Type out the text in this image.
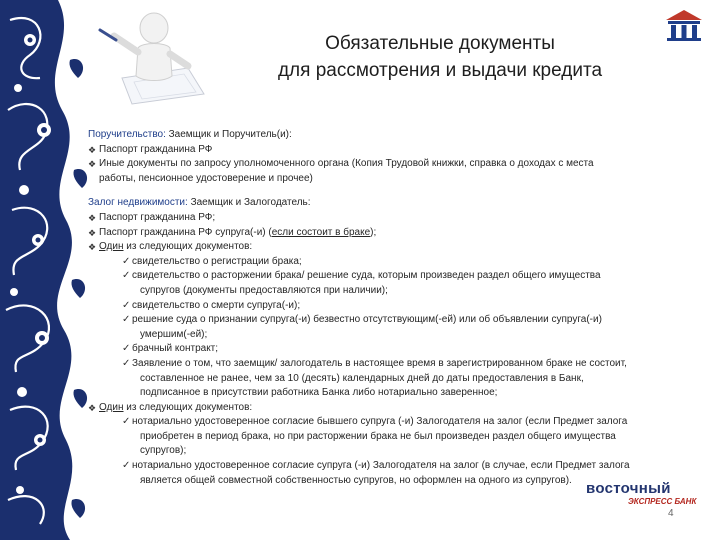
Обязательные документы
для рассмотрения и выдачи кредита
Поручительство: Заемщик и Поручитель(и):
❖ Паспорт гражданина РФ
❖ Иные документы по запросу уполномоченного органа (Копия Трудовой книжки, справка о доходах с места
работы, пенсионное удостоверение и прочее)
Залог недвижимости: Заемщик и Залогодатель:
❖ Паспорт гражданина РФ;
❖ Паспорт гражданина РФ супруга(-и) (если состоит в браке);
❖ Один из следующих документов:
✓ свидетельство о регистрации брака;
✓ свидетельство о расторжении брака/ решение суда, которым произведен раздел общего имущества
супругов (документы предоставляются при наличии);
✓ свидетельство о смерти супруга(-и);
✓ решение суда о признании супруга(-и) безвестно отсутствующим(-ей) или об объявлении супруга(-и)
умершим(-ей);
✓ брачный контракт;
✓ Заявление о том, что заемщик/ залогодатель в настоящее время в зарегистрированном браке не состоит,
составленное не ранее, чем за 10 (десять) календарных дней до даты предоставления в Банк,
подписанное в присутствии работника Банка либо нотариально заверенное;
❖ Один из следующих документов:
✓ нотариально удостоверенное согласие бывшего супруга (-и) Залогодателя на залог (если Предмет залога
приобретен в период брака, но при расторжении брака не был произведен раздел общего имущества
супругов);
✓ нотариально удостоверенное согласие супруга (-и) Залогодателя на залог (в случае, если Предмет залога
является общей совместной собственностью супругов, но оформлен на одного из супругов). восточный
ЭКСПРЕСС БАНК
4
